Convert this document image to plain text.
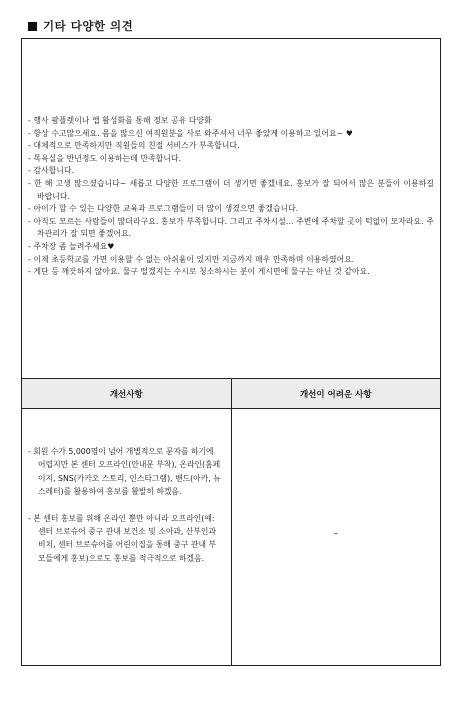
기타 다양한 의견
- 행사 팜플렛이나 앱 활성화를 통해 정보 공유 다양화
- 항상 수고많으세요. 몸을 많으신 여직원분을 사로 와주셔서 너무 좋았게 이용하고 있어요~ ♥
- 대체적으로 만족하지만 직원들의 친절 서비스가 부족합니다.
- 목욕실을 반년정도 이용하는데 만족합니다.
- 감사합니다.
- 한 해 고생 많으셨습니다~ 새롭고 다양한 프로그램이 더 생기면 좋겠네요. 홍보가 잘 되어서 많은 분들이 이용하길 바랍니다.
- 아이가 할 수 있는 다양한 교육과 프로그램들이 더 많이 생겼으면 좋겠습니다.
- 아직도 모르는 사람들이 많더라구요. 홍보가 부족합니다. 그리고 주차시설... 주변에 주차할 곳이 턱없이 모자라요. 주차관리가 잘 되면 좋겠어요.
- 주차장 좀 늘려주세요♥
- 이제 초등학교를 가면 이용할 수 없는 아쉬움이 있지만 지금까지 매우 만족하며 이용하였어요.
- 게단 등 깨끗하지 않아요. 물구 떨겠지는 수시로 청소하시는 분이 게시면에 물구는 아닌 것 같아요.
개선사항	개선이 어려운 사항
- 회원 수가 5,000명이 넘어 개별적으로 문자를 하기에 어렵지만 본 센터 오프라인(안내문 부착), 온라인(홈페이지, SNS(카카오 스토리, 인스타그램), 밴드(아카, 뉴스레터)를 활용하여 홍보를 활발히 하겠음.
- 본 센터 홍보를 위해 온라인 뿐만 아니라 오프라인(예: 센터 브로슈어 중구 관내 보건소 및 소아과, 산부인과 비치, 센터 브로슈어를 어린이집을 통해 중구 관내 부모들에게 홍보)으로도 홍보를 적극적으로 하겠음.
–
